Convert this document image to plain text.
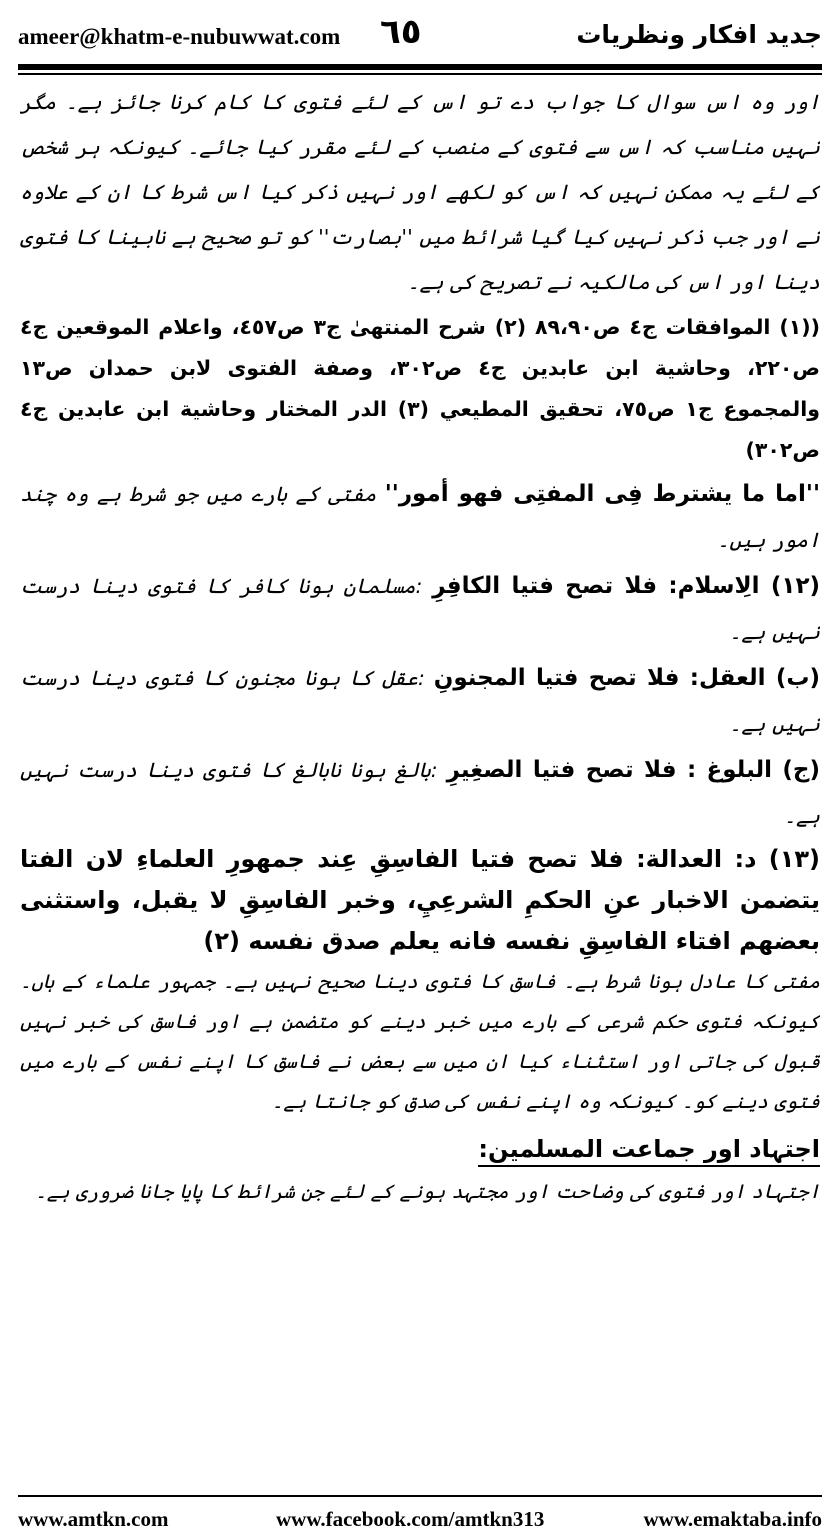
ameer@khatm-e-nubuwwat.com ٦٥	جدید افکار ونظریات

اور وہ اس سوال کا جواب دے تو اس کے لئے فتوی کا کام کرنا جائز ہے۔ مگر نہیں مناسب کہ اس سے فتوی کے منصب کے لئے مقرر کیا جائے۔ کیونکہ ہر شخص کے لئے یہ ممکن نہیں کہ اس کو لکھے اور نہیں ذکر کیا اس شرط کا ان کے علاوہ نے اور جب ذکر نہیں کیا گیا شرائط میں ''بصارت'' کو تو صحیح ہے نابینا کا فتوی دینا اور اس کی مالکیہ نے تصریح کی ہے۔

((۱) الموافقات ج٤ ص٨٩،٩٠ (٢) شرح المنتهیٰ ج٣ ص٤٥٧، واعلام الموقعين ج٤ ص٢٢٠، وحاشية ابن عابدين ج٤ ص٣٠٢، وصفة الفتوى لابن حمدان ص١٣ والمجموع ج١ ص٧٥، تحقيق المطيعي (٣) الدر المختار وحاشية ابن عابدين ج٤ ص٣٠٢)

''اما ما يشترط فِی المفتِی فهو أمور'' مفتی کے بارے میں جو شرط ہے وہ چند امور ہیں۔

(١٢) الِاسلام: فلا تصح فتيا الكافِرِ :مسلمان ہونا کافر کا فتوی دینا درست نہیں ہے۔

(ب) العقل: فلا تصح فتيا المجنونِ :عقل کا ہونا مجنون کا فتوی دینا درست نہیں ہے۔

(ج) البلوغ : فلا تصح فتيا الصغِيرِ :بالغ ہونا نابالغ کا فتوی دینا درست نہیں ہے۔

(١٣) د: العدالة: فلا تصح فتيا الفاسِقِ عِند جمهورِ العلماءِ لان الفتا يتضمن الاخبار عنِ الحكمِ الشرعِيِ، وخبر الفاسِقِ لا يقبل، واستثنى بعضهم افتاء الفاسِقِ نفسه فانه يعلم صدق نفسه (٢)

مفتی کا عادل ہونا شرط ہے۔ فاسق کا فتوی دینا صحیح نہیں ہے۔ جمہور علماء کے ہاں۔ کیونکہ فتوی حکم شرعی کے بارے میں خبر دینے کو متضمن ہے اور فاسق کی خبر نہیں قبول کی جاتی اور استثناء کیا ان میں سے بعض نے فاسق کا اپنے نفس کے بارے میں فتوی دینے کو۔ کیونکہ وہ اپنے نفس کی صدق کو جانتا ہے۔

اجتہاد اور جماعت المسلمین:

اجتہاد اور فتوی کی وضاحت اور مجتہد ہونے کے لئے جن شرائط کا پایا جانا ضروری ہے۔

www.amtkn.com	www.facebook.com/amtkn313	www.emaktaba.info
